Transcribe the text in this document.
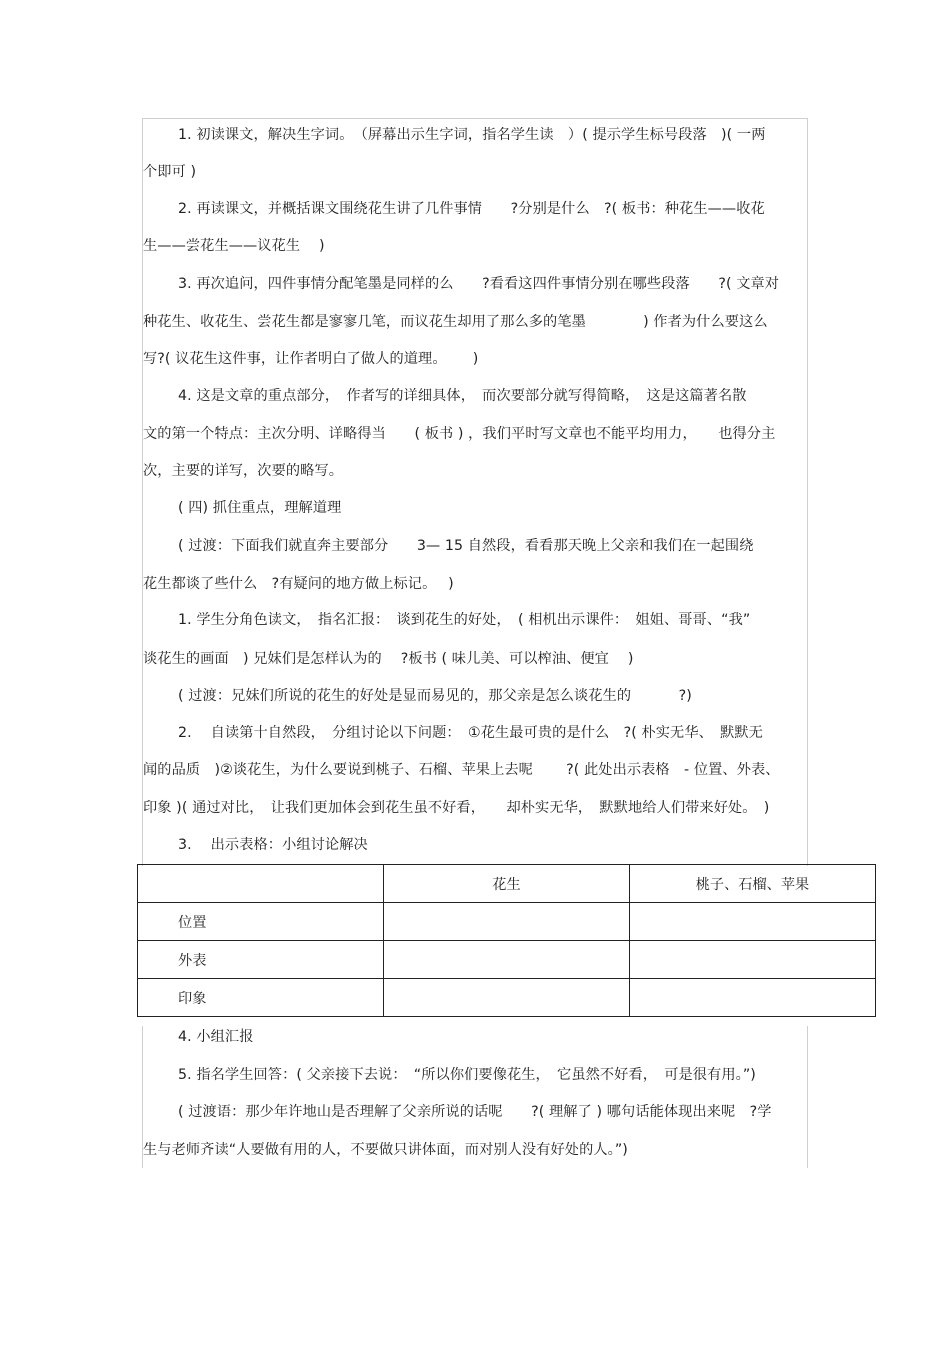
1. 初读课文，解决生字词。　（屏幕出示生字词，指名学生读　）( 提示学生标号段落　)( 一两
个即可 )
2. 再读课文，并概括课文围绕花生讲了几件事情　　?分别是什么　?( 板书：种花生——收花
生——尝花生——议花生　 )
3. 再次追问，四件事情分配笔墨是同样的么　　?看看这四件事情分别在哪些段落　　?( 文章对
种花生、收花生、尝花生都是寥寥几笔，而议花生却用了那么多的笔墨　　　　) 作者为什么要这么
写?( 议花生这件事，让作者明白了做人的道理。　　 )
4. 这是文章的重点部分，　作者写的详细具体，　而次要部分就写得简略，　这是这篇著名散
文的第一个特点：主次分明、详略得当　　( 板书 ) ，我们平时写文章也不能平均用力，　　也得分主
次，主要的详写，次要的略写。
( 四) 抓住重点，理解道理
( 过渡：下面我们就直奔主要部分　　3— 15 自然段，看看那天晚上父亲和我们在一起围绕
花生都谈了些什么　?有疑问的地方做上标记。　 )
1. 学生分角色读文，　指名汇报：　谈到花生的好处，　( 相机出示课件：　姐姐、哥哥、“我”
谈花生的画面　) 兄妹们是怎样认为的　 ?板书 ( 味儿美、可以榨油、便宜　 )
( 过渡：兄妹们所说的花生的好处是显而易见的，那父亲是怎么谈花生的　　　 ?)
2.　 自读第十自然段，　分组讨论以下问题：　①花生最可贵的是什么　?( 朴实无华、　默默无
闻的品质　)②谈花生，为什么要说到桃子、石榴、苹果上去呢　　 ?( 此处出示表格　- 位置、外表、
印象 )( 通过对比，　让我们更加体会到花生虽不好看，　　却朴实无华，　默默地给人们带来好处。　)
3.　 出示表格：小组讨论解决
	花生	桃子、石榴、苹果
位置		
外表		
印象		
4. 小组汇报
5. 指名学生回答：( 父亲接下去说：　“所以你们要像花生，　它虽然不好看，　可是很有用。”)
( 过渡语：那少年许地山是否理解了父亲所说的话呢　　?( 理解了 ) 哪句话能体现出来呢　?学
生与老师齐读“人要做有用的人，不要做只讲体面，而对别人没有好处的人。”)
